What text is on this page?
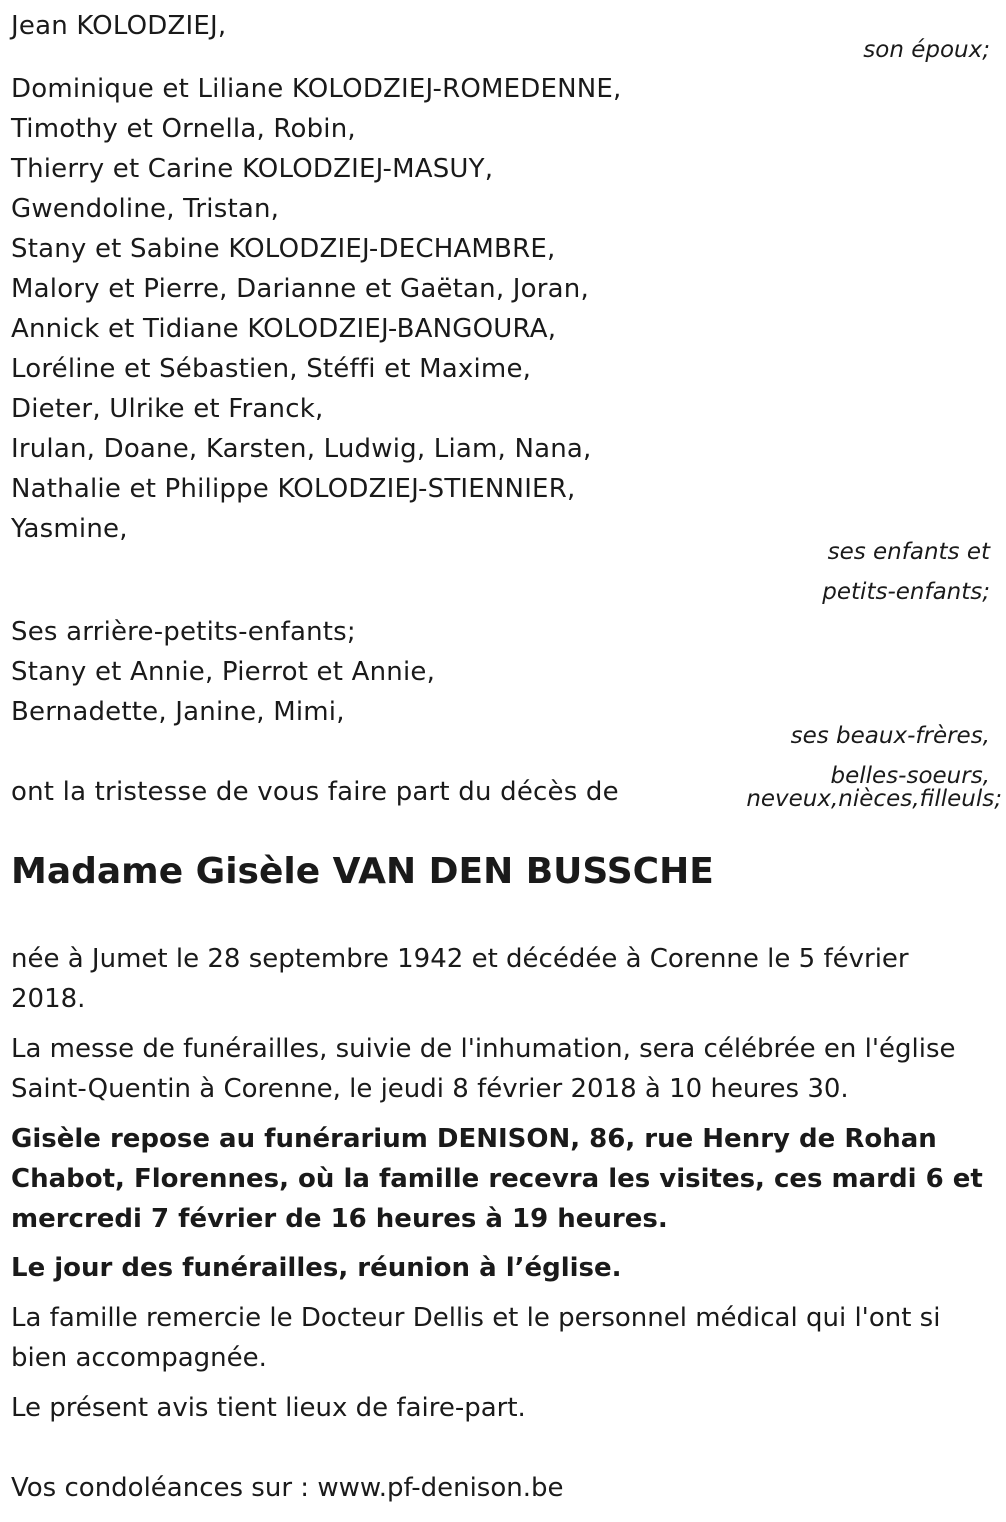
Jean KOLODZIEJ,
son époux;
Dominique et Liliane KOLODZIEJ-ROMEDENNE,
Timothy et Ornella, Robin,
Thierry et Carine KOLODZIEJ-MASUY,
Gwendoline, Tristan,
Stany et Sabine KOLODZIEJ-DECHAMBRE,
Malory et Pierre, Darianne et Gaëtan, Joran,
Annick et Tidiane KOLODZIEJ-BANGOURA,
Loréline et Sébastien, Stéffi et Maxime,
Dieter, Ulrike et Franck,
Irulan, Doane, Karsten, Ludwig, Liam, Nana,
Nathalie et Philippe KOLODZIEJ-STIENNIER,
Yasmine,
ses enfants et
petits-enfants;
Ses arrière-petits-enfants;
Stany et Annie, Pierrot et Annie,
Bernadette, Janine, Mimi,
ses beaux-frères,
belles-soeurs,
neveux,nièces,filleuls;
ont la tristesse de vous faire part du décès de
Madame Gisèle VAN DEN BUSSCHE
née à Jumet le 28 septembre 1942 et décédée à Corenne le 5 février 2018.
La messe de funérailles, suivie de l'inhumation, sera célébrée en l'église Saint-Quentin à Corenne, le jeudi 8 février 2018 à 10 heures 30.
Gisèle repose au funérarium DENISON, 86, rue Henry de Rohan Chabot, Florennes, où la famille recevra les visites, ces mardi 6 et mercredi 7 février de 16 heures à 19 heures.
Le jour des funérailles, réunion à l’église.
La famille remercie le Docteur Dellis et le personnel médical qui l'ont si bien accompagnée.
Le présent avis tient lieux de faire-part.
Vos condoléances sur : www.pf-denison.be
